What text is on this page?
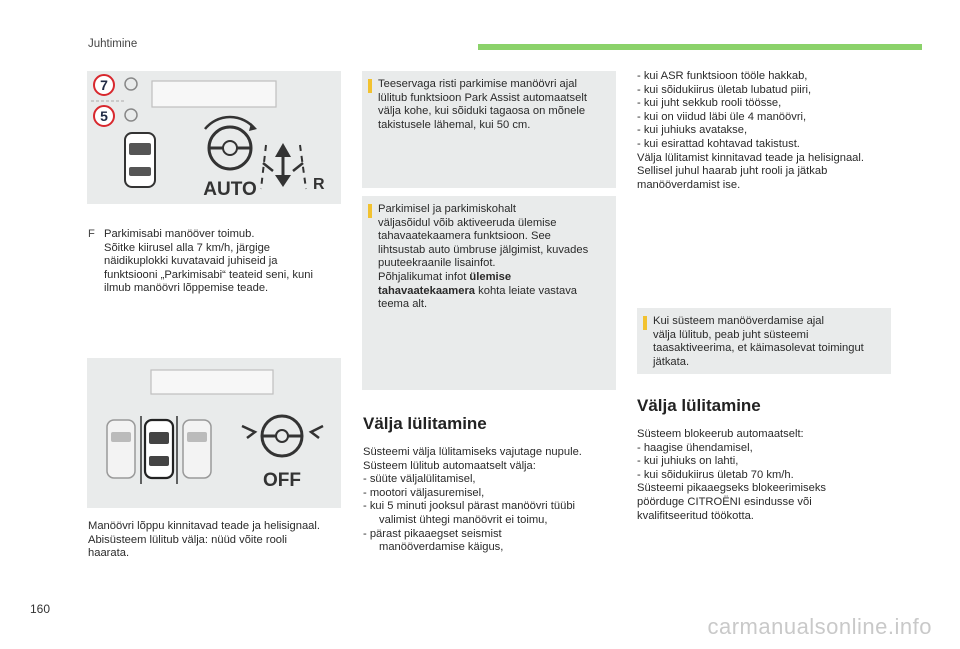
Juhtimine
7
5
AUTO	R

F Parkimisabi manööver toimub.

Sõitke kiirusel alla 7 km/h, järgige
näidikuplokki kuvatavaid juhiseid ja
funktsiooni „Parkimisabi“ teateid seni, kuni
ilmub manöövri lõppemise teade.

OFF
Manöövri lõppu kinnitavad teade ja helisignaal.
Abisüsteem lülitub välja: nüüd võite rooli
haarata.
Teeservaga risti parkimise manöövri ajal
lülitub funktsioon Park Assist automaatselt
välja kohe, kui sõiduki tagaosa on mõnele
takistusele lähemal, kui 50 cm.
Parkimisel ja parkimiskohalt
väljasõidul võib aktiveeruda ülemise
tahavaatekaamera funktsioon. See
lihtsustab auto ümbruse jälgimist, kuvades
puuteekraanile lisainfot.
Põhjalikumat infot ülemise
tahavaatekaamera kohta leiate vastava
teema alt.
Välja lülitamine
Süsteemi välja lülitamiseks vajutage nupule.
Süsteem lülitub automaatselt välja:
- süüte väljalülitamisel,
- mootori väljasuremisel,
- kui 5 minuti jooksul pärast manöövri tüübi
valimist ühtegi manöövrit ei toimu,
- pärast pikaaegset seismist
manööverdamise käigus,
- kui ASR funktsioon tööle hakkab,
- kui sõidukiirus ületab lubatud piiri,
- kui juht sekkub rooli töösse,
- kui on viidud läbi üle 4 manöövri,
- kui juhiuks avatakse,
- kui esirattad kohtavad takistust.
Välja lülitamist kinnitavad teade ja helisignaal.
Sellisel juhul haarab juht rooli ja jätkab
manööverdamist ise.
Kui süsteem manööverdamise ajal
välja lülitub, peab juht süsteemi
taasaktiveerima, et käimasolevat toimingut
jätkata.
Välja lülitamine
Süsteem blokeerub automaatselt:
- haagise ühendamisel,
- kui juhiuks on lahti,
- kui sõidukiirus ületab 70 km/h.
Süsteemi pikaaegseks blokeerimiseks
pöörduge CITROËNI esindusse või
kvalifitseeritud töökotta.
160
carmanualsonline.info
